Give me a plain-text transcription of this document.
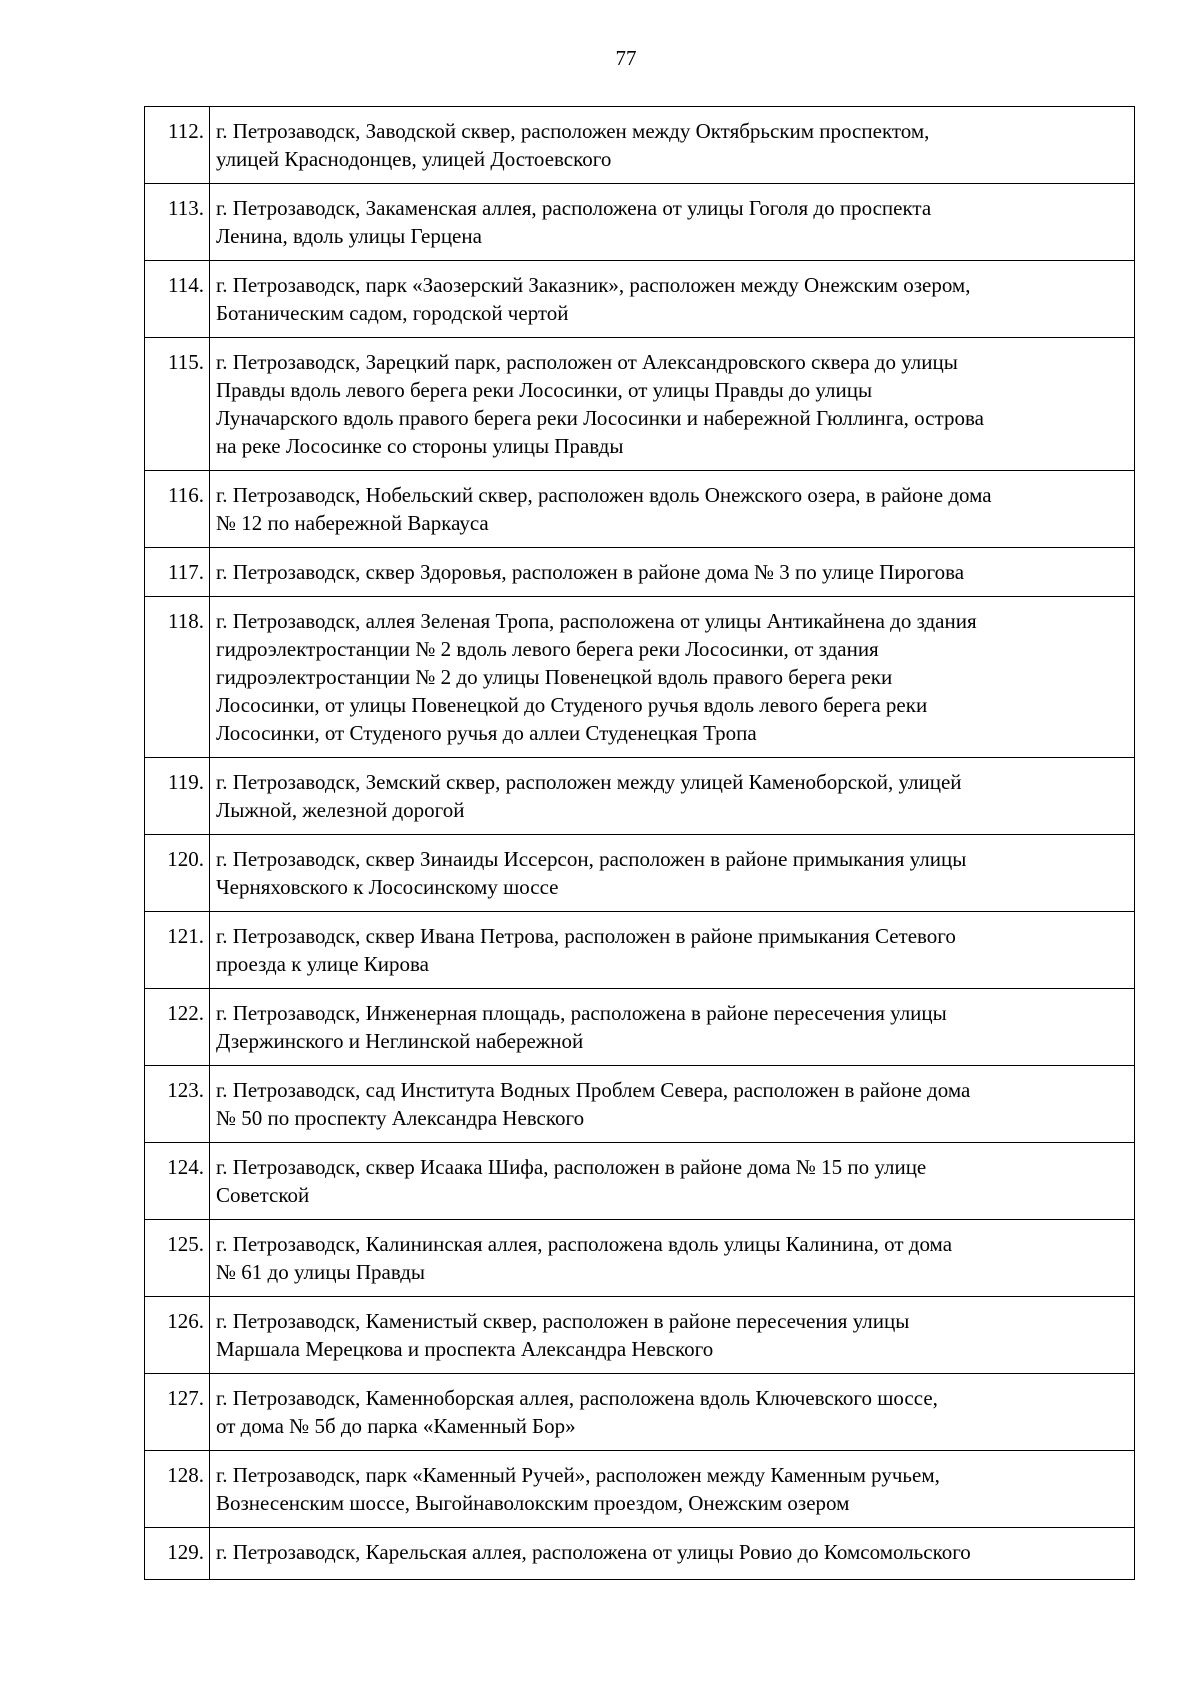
77
112.	г. Петрозаводск, Заводской сквер, расположен между Октябрьским проспектом,
улицей Краснодонцев, улицей Достоевского
113.	г. Петрозаводск, Закаменская аллея, расположена от улицы Гоголя до проспекта
Ленина, вдоль улицы Герцена
114.	г. Петрозаводск, парк «Заозерский Заказник», расположен между Онежским озером,
Ботаническим садом, городской чертой
115.	г. Петрозаводск, Зарецкий парк, расположен от Александровского сквера до улицы
Правды вдоль левого берега реки Лососинки, от улицы Правды до улицы
Луначарского вдоль правого берега реки Лососинки и набережной Гюллинга, острова
на реке Лососинке со стороны улицы Правды
116.	г. Петрозаводск, Нобельский сквер, расположен вдоль Онежского озера, в районе дома
№ 12 по набережной Варкауса
117.	г. Петрозаводск, сквер Здоровья, расположен в районе дома № 3 по улице Пирогова
118.	г. Петрозаводск, аллея Зеленая Тропа, расположена от улицы Антикайнена до здания
гидроэлектростанции № 2 вдоль левого берега реки Лососинки, от здания
гидроэлектростанции № 2 до улицы Повенецкой вдоль правого берега реки
Лососинки, от улицы Повенецкой до Студеного ручья вдоль левого берега реки
Лососинки, от Студеного ручья до аллеи Студенецкая Тропа
119.	г. Петрозаводск, Земский сквер, расположен между улицей Каменоборской, улицей
Лыжной, железной дорогой
120.	г. Петрозаводск, сквер Зинаиды Иссерсон, расположен в районе примыкания улицы
Черняховского к Лососинскому шоссе
121.	г. Петрозаводск, сквер Ивана Петрова, расположен в районе примыкания Сетевого
проезда к улице Кирова
122.	г. Петрозаводск, Инженерная площадь, расположена в районе пересечения улицы
Дзержинского и Неглинской набережной
123.	г. Петрозаводск, сад Института Водных Проблем Севера, расположен в районе дома
№ 50 по проспекту Александра Невского
124.	г. Петрозаводск, сквер Исаака Шифа, расположен в районе дома № 15 по улице
Советской
125.	г. Петрозаводск, Калининская аллея, расположена вдоль улицы Калинина, от дома
№ 61 до улицы Правды
126.	г. Петрозаводск, Каменистый сквер, расположен в районе пересечения улицы
Маршала Мерецкова и проспекта Александра Невского
127.	г. Петрозаводск, Каменноборская аллея, расположена вдоль Ключевского шоссе,
от дома № 5б до парка «Каменный Бор»
128.	г. Петрозаводск, парк «Каменный Ручей», расположен между Каменным ручьем,
Вознесенским шоссе, Выгойнаволокским проездом, Онежским озером
129.	г. Петрозаводск, Карельская аллея, расположена от улицы Ровио до Комсомольского
